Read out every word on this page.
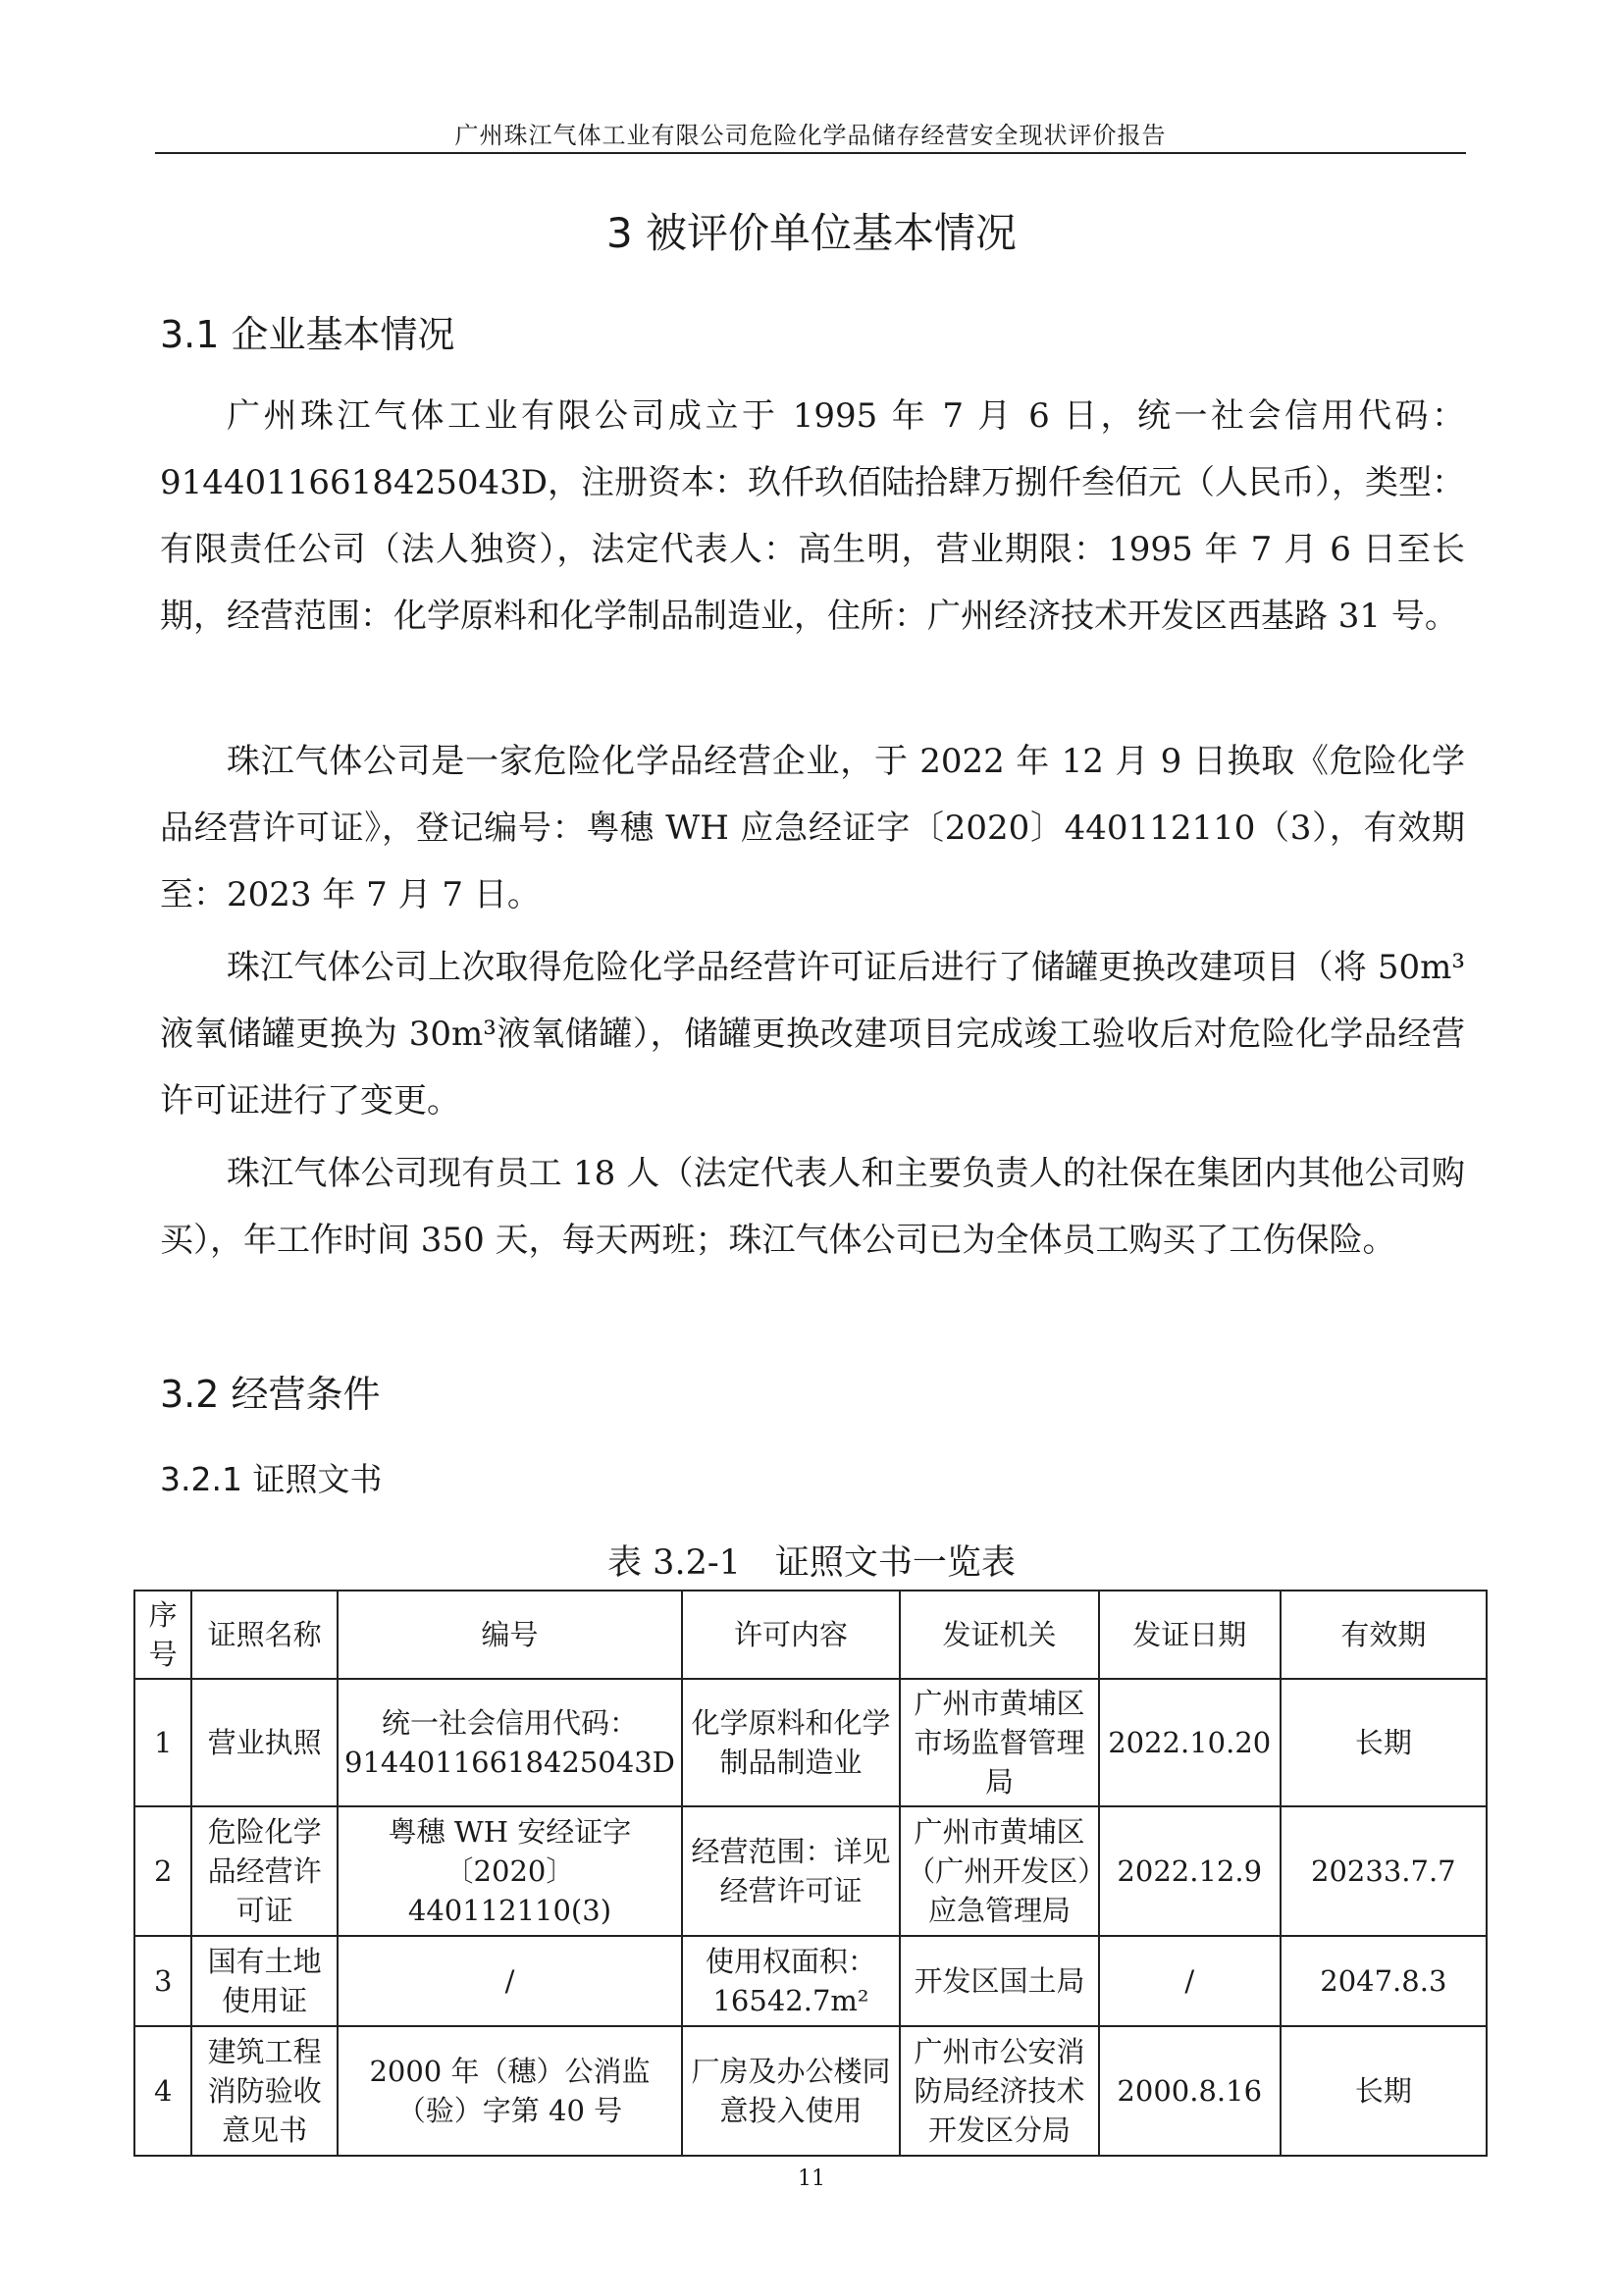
广州珠江气体工业有限公司危险化学品储存经营安全现状评价报告
3 被评价单位基本情况
3.1 企业基本情况

广州珠江气体工业有限公司成立于 1995 年 7 月 6 日，统一社会信用代码：91440116618425043D，注册资本：玖仟玖佰陆拾肆万捌仟叁佰元（人民币），类型：有限责任公司（法人独资），法定代表人：高生明，营业期限：1995 年 7 月 6 日至长期，经营范围：化学原料和化学制品制造业，住所：广州经济技术开发区西基路 31 号。

珠江气体公司是一家危险化学品经营企业，于 2022 年 12 月 9 日换取《危险化学品经营许可证》，登记编号：粤穗 WH 应急经证字〔2020〕440112110（3），有效期至：2023 年 7 月 7 日。

珠江气体公司上次取得危险化学品经营许可证后进行了储罐更换改建项目（将 50m³液氧储罐更换为 30m³液氧储罐），储罐更换改建项目完成竣工验收后对危险化学品经营许可证进行了变更。

珠江气体公司现有员工 18 人（法定代表人和主要负责人的社保在集团内其他公司购买），年工作时间 350 天，每天两班；珠江气体公司已为全体员工购买了工伤保险。

3.2 经营条件
3.2.1 证照文书
表 3.2-1　证照文书一览表
序号	证照名称	编号	许可内容	发证机关	发证日期	有效期
1	营业执照	统一社会信用代码：91440116618425043D	化学原料和化学制品制造业	广州市黄埔区市场监督管理局	2022.10.20	长期
2	危险化学品经营许可证	粤穗 WH 安经证字〔2020〕440112110(3)	经营范围：详见经营许可证	广州市黄埔区（广州开发区）应急管理局	2022.12.9	20233.7.7
3	国有土地使用证	/	使用权面积：16542.7m²	开发区国土局	/	2047.8.3
4	建筑工程消防验收意见书	2000 年（穗）公消监（验）字第 40 号	厂房及办公楼同意投入使用	广州市公安消防局经济技术开发区分局	2000.8.16	长期
11
